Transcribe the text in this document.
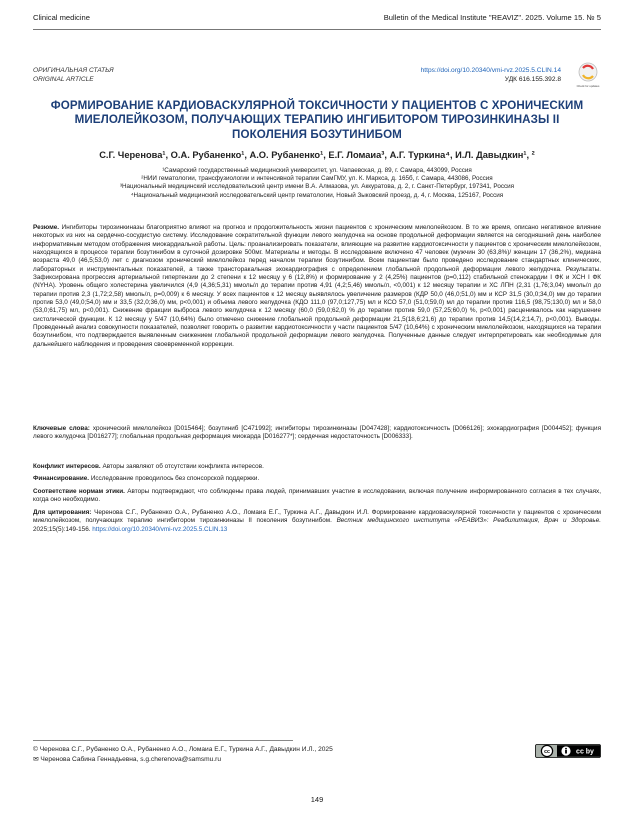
Clinical medicine	Bulletin of the Medical Institute "REAVIZ". 2025. Volume 15. № 5
ОРИГИНАЛЬНАЯ СТАТЬЯ
ORIGINAL ARTICLE
https://doi.org/10.20340/vmi-rvz.2025.5.CLIN.14
УДК 616.155.392.8
Check for updates
ФОРМИРОВАНИЕ КАРДИОВАСКУЛЯРНОЙ ТОКСИЧНОСТИ У ПАЦИЕНТОВ С ХРОНИЧЕСКИМ МИЕЛОЛЕЙКОЗОМ, ПОЛУЧАЮЩИХ ТЕРАПИЮ ИНГИБИТОРОМ ТИРОЗИНКИНАЗЫ II ПОКОЛЕНИЯ БОЗУТИНИБОМ
С.Г. Черенова¹, О.А. Рубаненко¹, А.О. Рубаненко¹, Е.Г. Ломаиа³, А.Г. Туркина⁴, И.Л. Давыдкин¹, ²
¹Самарский государственный медицинский университет, ул. Чапаевская, д. 89, г. Самара, 443099, Россия
²НИИ гематологии, трансфузиологии и интенсивной терапии СамГМУ, ул. К. Маркса, д. 165б, г. Самара, 443086, Россия
³Национальный медицинский исследовательский центр имени В.А. Алмазова, ул. Аккуратова, д. 2, г. Санкт-Петербург, 197341, Россия
⁴Национальный медицинский исследовательский центр гематологии, Новый Зыковский проезд, д. 4, г. Москва, 125167, Россия
Резюме. Ингибиторы тирозинкиназы благоприятно влияют на прогноз и продолжительность жизни пациентов с хроническим миелолейкозом. В то же время, описано негативное влияние некоторых из них на сердечно-сосудистую систему. Исследование сократительной функции левого желудочка на основе продольной деформации является на сегодняшний день наиболее информативным методом отображения миокардиальной работы. Цель: проанализировать показатели, влияющие на развитие кардиотоксичности у пациентов с хроническим миелолейкозом, находящихся в процессе терапии бозутинибом в суточной дозировке 500мг. Материалы и методы. В исследование включено 47 человек (мужчин 30 (63,8%)/ женщин 17 (36,2%), медиана возраста 49,0 (46,5;53,0) лет с диагнозом хронический миелолейкоз перед началом терапии бозутинибом. Всем пациентам было проведено исследование стандартных клинических, лабораторных и инструментальных показателей, а также трансторакальная эхокардиография с определением глобальной продольной деформации левого желудочка. Результаты. Зафиксирована прогрессия артериальной гипертензии до 2 степени к 12 месяцу у 6 (12,8%) и формирование у 2 (4,25%) пациентов (p=0,112) стабильной стенокардии I ФК и ХСН I ФК (NYHA). Уровень общего холестерина увеличился (4,9 (4,36;5,31) ммоль/л до терапии против 4,91 (4,2;5,46) ммоль/л, <0,001) к 12 месяцу терапии и ХС ЛПН (2,31 (1,76;3,04) ммоль/л до терапии против 2,3 (1,72;2,58) ммоль/л, p=0,009) к 6 месяцу. У всех пациентов к 12 месяцу выявлялось увеличение размеров (КДР 50,0 (46,0;51,0) мм и КСР 31,5 (30,0;34,0) мм до терапии против 53,0 (49,0;54,0) мм и 33,5 (32,0;36,0) мм, p<0,001) и объема левого желудочка (КДО 111,0 (97,0;127,75) мл и КСО 57,0 (51,0;59,0) мл до терапии против 116,5 (98,75;130,0) мл и 58,0 (53,0;61,75) мл, p<0,001). Снижение фракции выброса левого желудочка к 12 месяцу (60,0 (59,0;62,0) % до терапии против 59,0 (57,25;60,0) %, p<0,001) расценивалось как нарушение систолической функции. К 12 месяцу у 5/47 (10,64%) было отмечено снижение глобальной продольной деформации 21,5(18,6;21,6) до терапии против 14,5(14,2;14,7), p<0,001). Выводы. Проведенный анализ совокупности показателей, позволяет говорить о развитии кардиотоксичности у части пациентов 5/47 (10,64%) с хроническим миелолейкозом, находящихся на терапии бозутинибом, что подтверждается выявленным снижением глобальной продольной деформации левого желудочка. Полученные данные следует интерпретировать как необходимые для дальнейшего наблюдения и проведения своевременной коррекции.
Ключевые слова: хронический миелолейкоз [D015464]; бозутиниб [C471992]; ингибиторы тирозинкиназы [D047428]; кардиотоксичность [D066126]; эхокардиография [D004452]; функция левого желудочка [D016277]; глобальная продольная деформация миокарда [D016277*]; сердечная недостаточность [D006333].
Конфликт интересов. Авторы заявляют об отсутствии конфликта интересов.
Финансирование. Исследование проводилось без спонсорской поддержки.
Соответствие нормам этики. Авторы подтверждают, что соблюдены права людей, принимавших участие в исследовании, включая получение информированного согласия в тех случаях, когда оно необходимо.
Для цитирования: Черенова С.Г., Рубаненко О.А., Рубаненко А.О., Ломаиа Е.Г., Туркина А.Г., Давыдкин И.Л. Формирование кардиоваскулярной токсичности у пациентов с хроническим миелолейкозом, получающих терапию ингибитором тирозинкиназы II поколения бозутинибом. Вестник медицинского института «РЕАВИЗ»: Реабилитация, Врач и Здоровье. 2025;15(5):149-156. https://doi.org/10.20340/vmi-rvz.2025.5.CLIN.13
© Черенова С.Г., Рубаненко О.А., Рубаненко А.О., Ломаиа Е.Г., Туркина А.Г., Давыдкин И.Л., 2025
✉ Черенова Сабина Геннадьевна, s.g.cherenova@samsmu.ru
cc	cc by
149
